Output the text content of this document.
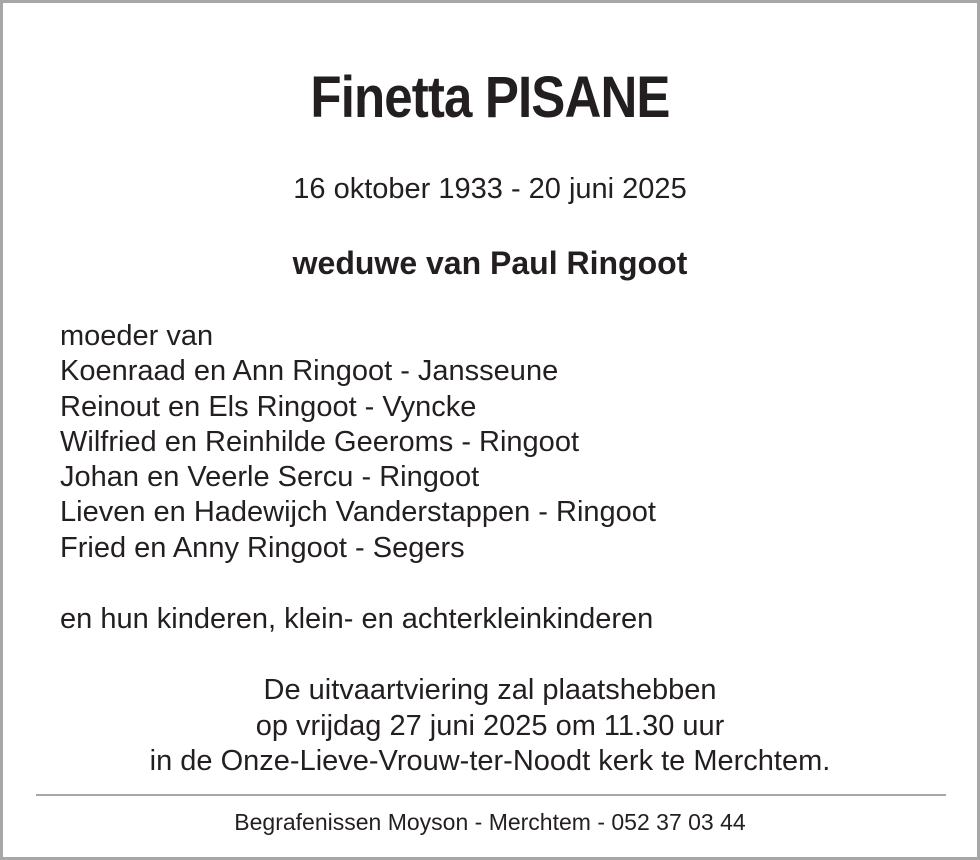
Finetta PISANE
16 oktober 1933 - 20 juni 2025
weduwe van Paul Ringoot
moeder van
Koenraad en Ann Ringoot - Jansseune
Reinout en Els Ringoot - Vyncke
Wilfried en Reinhilde Geeroms - Ringoot
Johan en Veerle Sercu - Ringoot
Lieven en Hadewijch Vanderstappen - Ringoot
Fried en Anny Ringoot - Segers
en hun kinderen, klein- en achterkleinkinderen
De uitvaartviering zal plaatshebben
op vrijdag 27 juni 2025 om 11.30 uur
in de Onze-Lieve-Vrouw-ter-Noodt kerk te Merchtem.
Begrafenissen Moyson - Merchtem - 052 37 03 44
